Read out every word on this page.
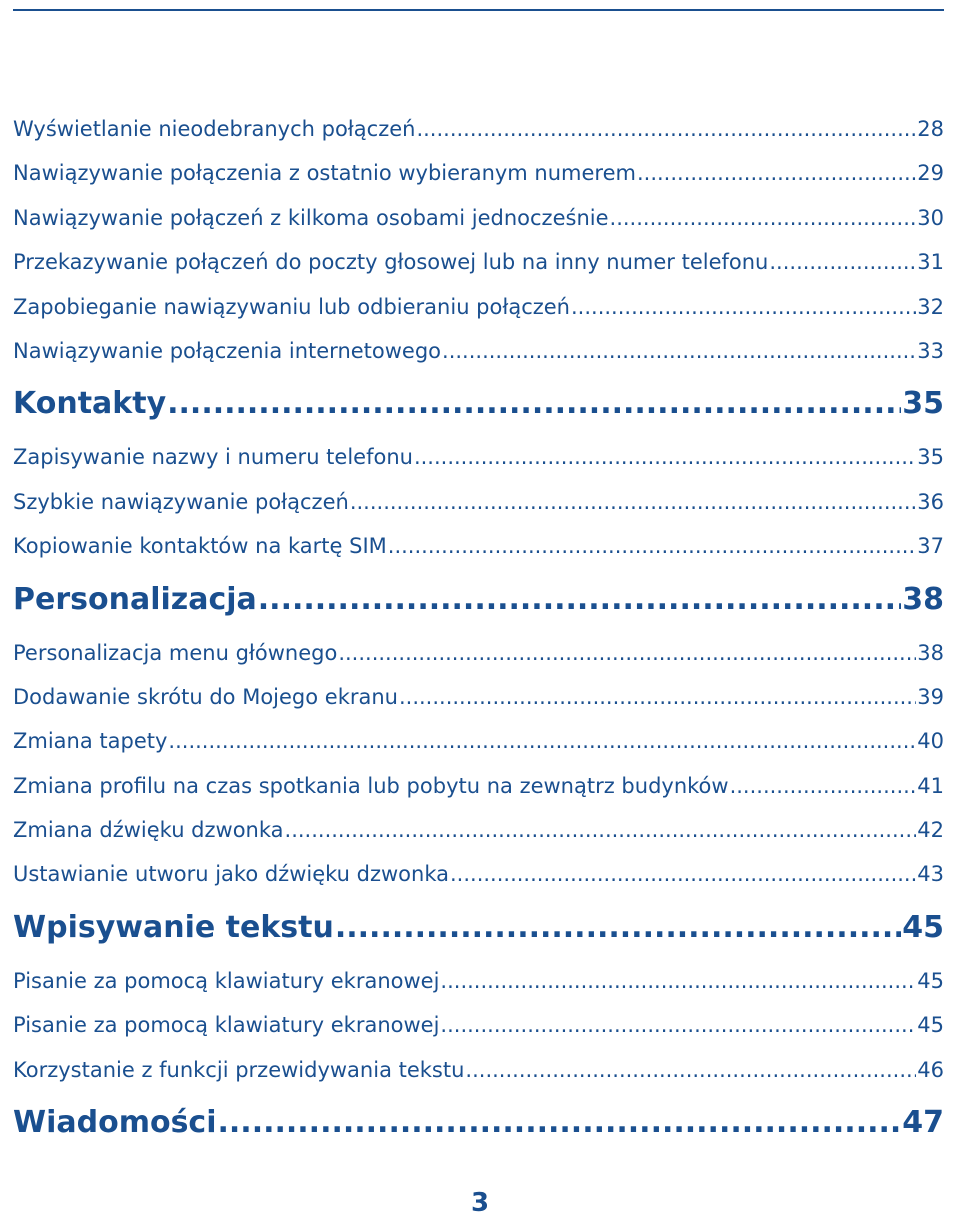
Wyświetlanie nieodebranych połączeń .....	28
Nawiązywanie połączenia z ostatnio wybieranym numerem .....	29
Nawiązywanie połączeń z kilkoma osobami jednocześnie .....	30
Przekazywanie połączeń do poczty głosowej lub na inny numer telefonu .....	31
Zapobieganie nawiązywaniu lub odbieraniu połączeń .....	32
Nawiązywanie połączenia internetowego .....	33
Kontakty .....	35
Zapisywanie nazwy i numeru telefonu .....	35
Szybkie nawiązywanie połączeń .....	36
Kopiowanie kontaktów na kartę SIM .....	37
Personalizacja .....	38
Personalizacja menu głównego .....	38
Dodawanie skrótu do Mojego ekranu .....	39
Zmiana tapety .....	40
Zmiana profilu na czas spotkania lub pobytu na zewnątrz budynków .....	41
Zmiana dźwięku dzwonka .....	42
Ustawianie utworu jako dźwięku dzwonka .....	43
Wpisywanie tekstu .....	45
Pisanie za pomocą klawiatury ekranowej .....	45
Pisanie za pomocą klawiatury ekranowej .....	45
Korzystanie z funkcji przewidywania tekstu .....	46
Wiadomości .....	47
3
